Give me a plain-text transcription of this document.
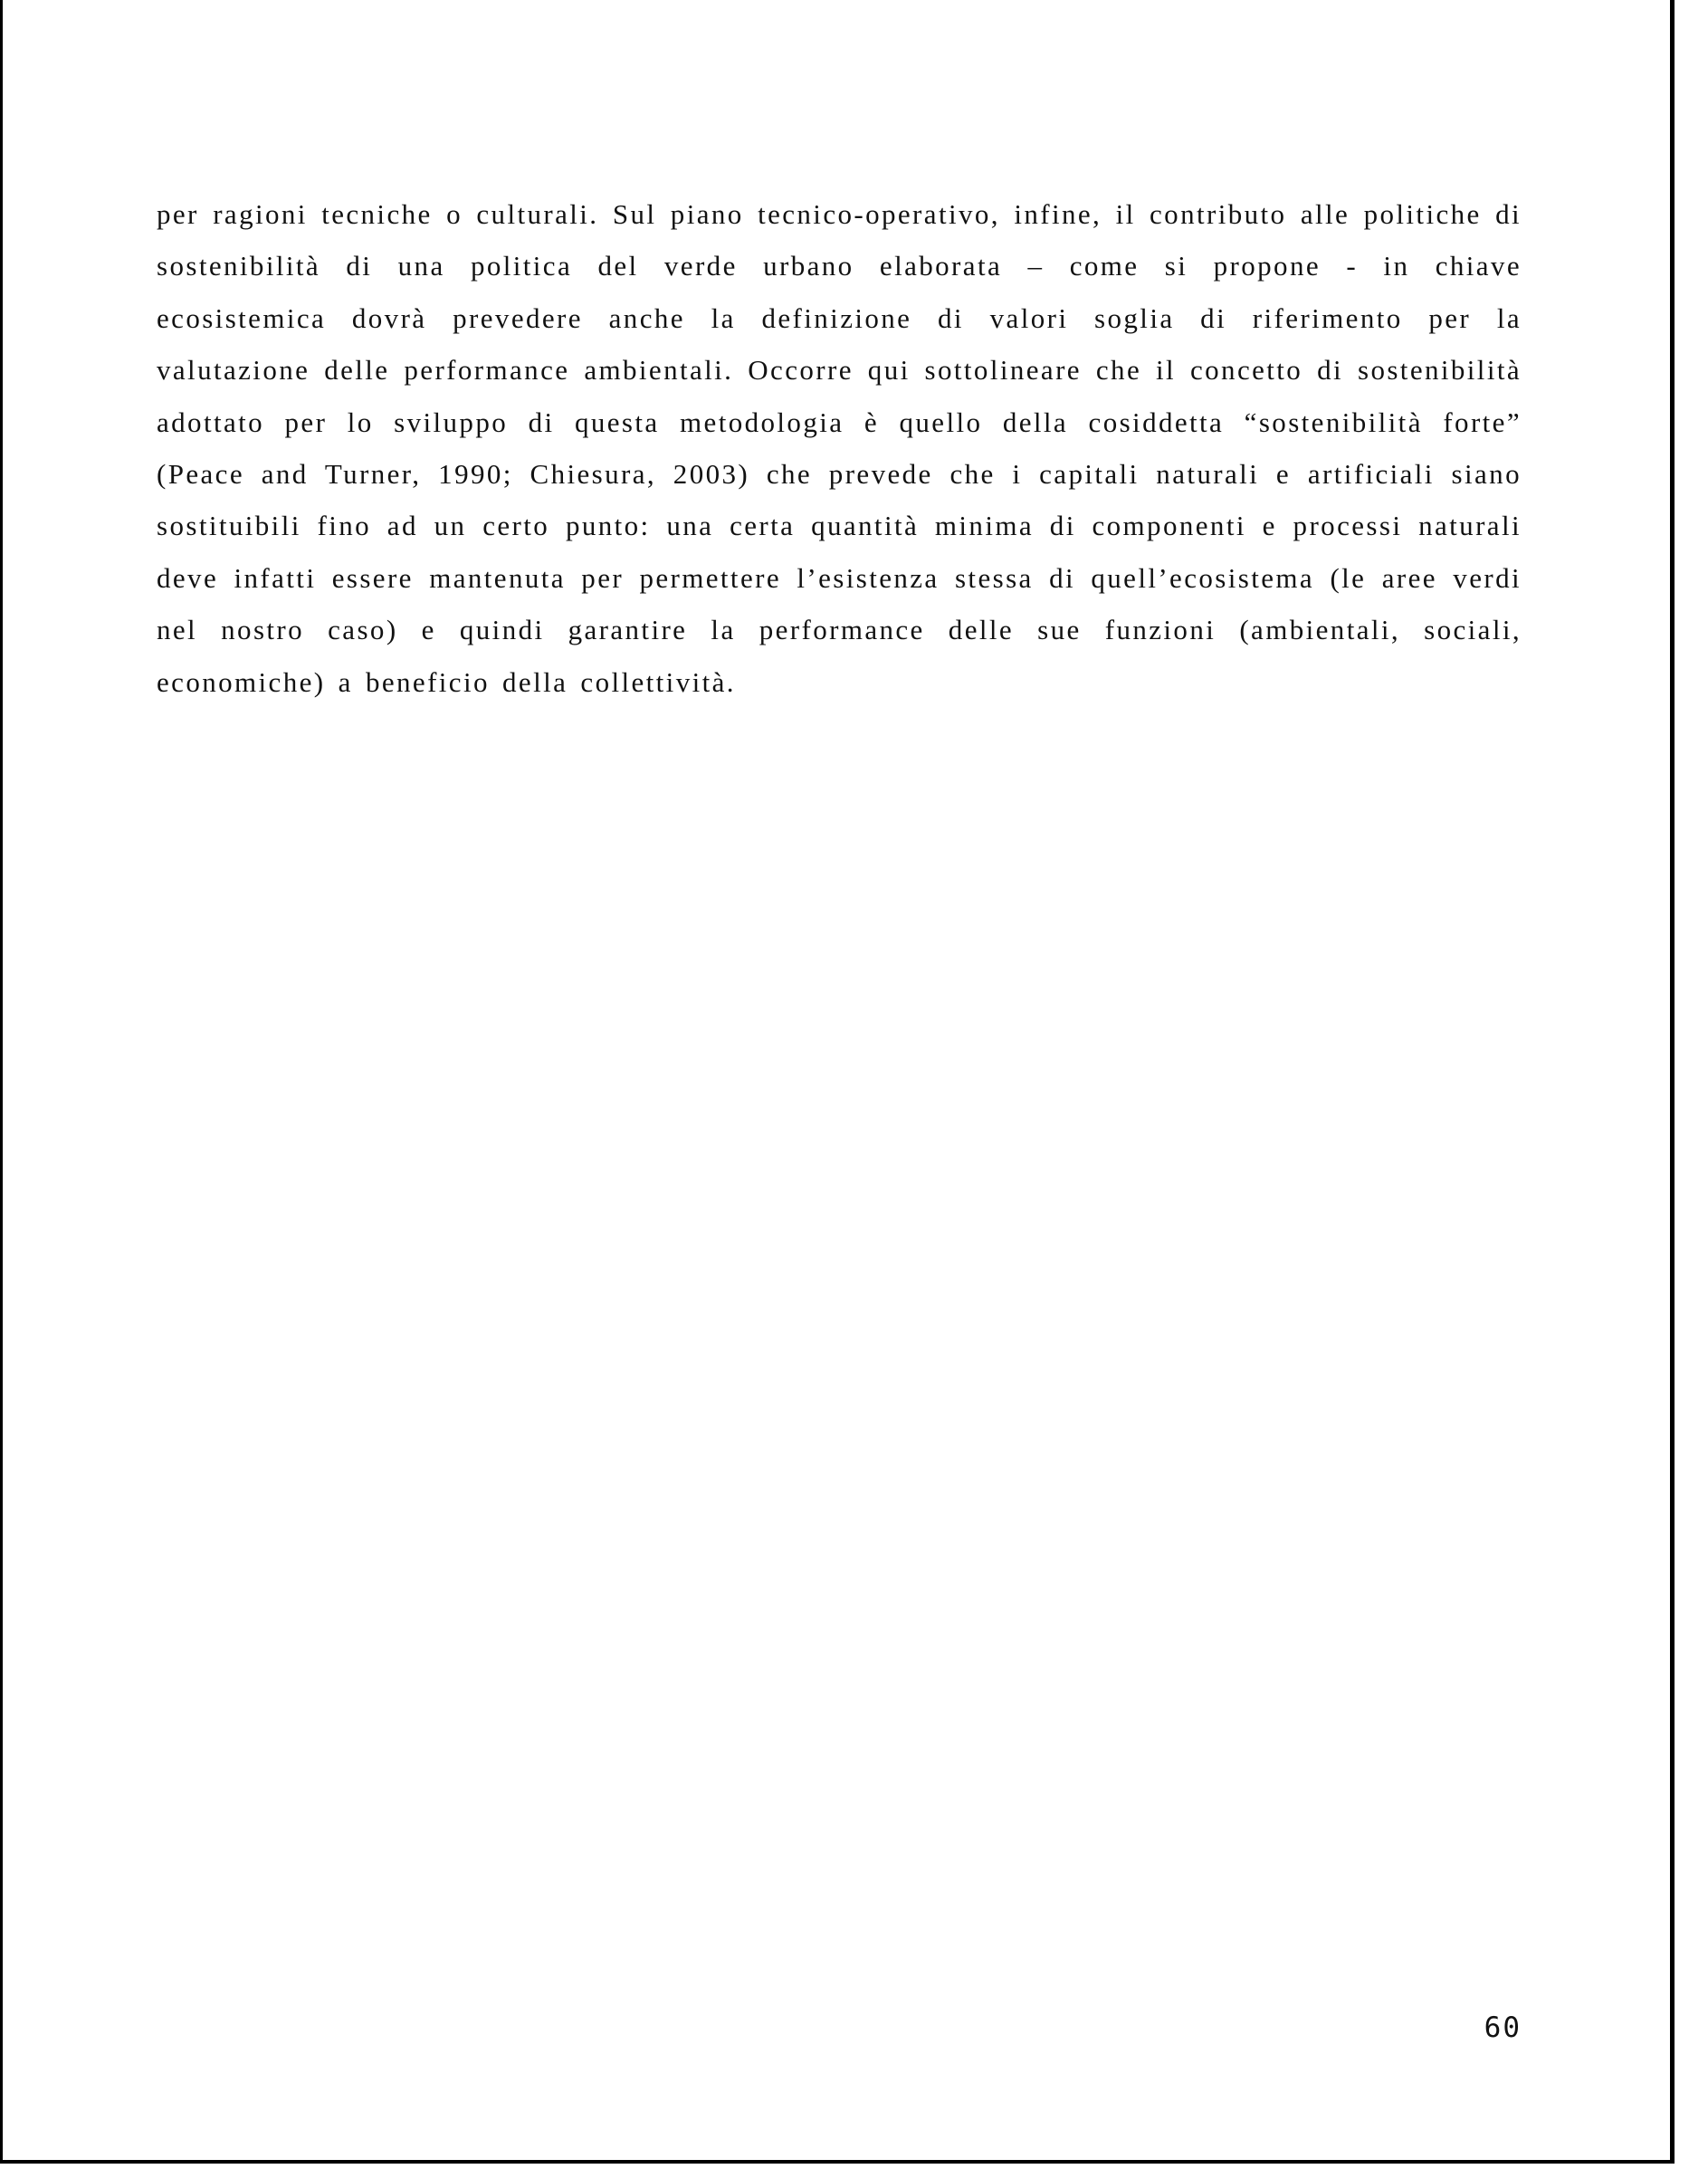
per ragioni tecniche o culturali. Sul piano tecnico-operativo, infine, il contributo alle politiche di sostenibilità di una politica del verde urbano elaborata – come si propone - in chiave ecosistemica dovrà prevedere anche la definizione di valori soglia di riferimento per la valutazione delle performance ambientali. Occorre qui sottolineare che il concetto di sostenibilità adottato per lo sviluppo di questa metodologia è quello della cosiddetta “sostenibilità forte” (Peace and Turner, 1990; Chiesura, 2003) che prevede che i capitali naturali e artificiali siano sostituibili fino ad un certo punto: una certa quantità minima di componenti e processi naturali deve infatti essere mantenuta per permettere l’esistenza stessa di quell’ecosistema (le aree verdi nel nostro caso) e quindi garantire la performance delle sue funzioni (ambientali, sociali, economiche) a beneficio della collettività.

60
